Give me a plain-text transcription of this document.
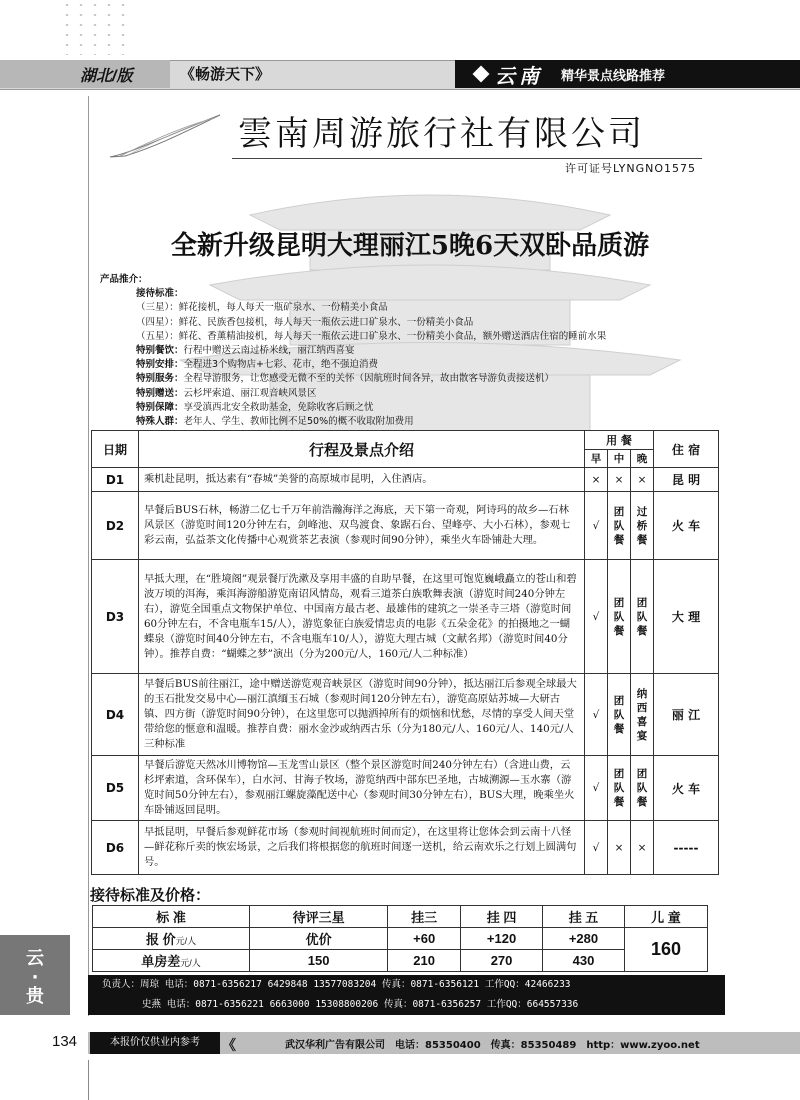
湖北/版	《畅游天下》	云南 精华景点线路推荐
雲南周游旅行社有限公司
许可证号LYNGNO1575
全新升级昆明大理丽江5晚6天双卧品质游
产品推介：
接待标准：
（三星）：鲜花接机，每人每天一瓶矿泉水、一份精美小食品
（四星）：鲜花、民族香包接机，每人每天一瓶依云进口矿泉水、一份精美小食品
（五星）：鲜花、香薰精油接机，每人每天一瓶依云进口矿泉水、一份精美小食品，额外赠送酒店住宿的睡前水果
特别餐饮：行程中赠送云南过桥米线，丽江纳西喜宴
特别安排：全程进3个购物店+七彩、花市，绝不强迫消费
特别服务：全程导游服务，让您感受无微不至的关怀（因航班时间各异，故由散客导游负责接送机）
特别赠送：云杉坪索道、丽江观音峡风景区
特别保障：享受滇西北安全救助基金，免除收客后顾之忧
特殊人群：老年人、学生、教师比例不足50%的概不收取附加费用
日期	行程及景点介绍	用 餐			住 宿
		早	中	晚	
D1	乘机赴昆明，抵达素有“春城”美誉的高原城市昆明，入住酒店。	×	×	×	昆 明
D2	早餐后BUS石林，畅游二亿七千万年前浩瀚海洋之海底，天下第一奇观，阿诗玛的故乡—石林风景区（游览时间120分钟左右，剑峰池、双鸟渡食、象踞石台、望峰亭、大小石林），参观七彩云南，弘益茶文化传播中心观赏茶艺表演（参观时间90分钟），乘坐火车卧铺赴大理。	√	团队餐	过桥餐	火 车
D3	早抵大理，在“胜境阁”观景餐厅洗漱及享用丰盛的自助早餐，在这里可饱览巍峨矗立的苍山和碧波万顷的洱海，乘洱海游船游览南诏风情岛，观看三道茶白族歌舞表演（游览时间240分钟左右），游览全国重点文物保护单位、中国南方最古老、最雄伟的建筑之一崇圣寺三塔（游览时间60分钟左右，不含电瓶车15/人），游览象征白族爱情忠贞的电影《五朵金花》的拍摄地之一蝴蝶泉（游览时间40分钟左右，不含电瓶车10/人），游览大理古城（文献名邦）（游览时间40分钟）。推荐自费：“蝴蝶之梦”演出（分为200元/人，160元/人二种标准）	√	团队餐	团队餐	大 理
D4	早餐后BUS前往丽江，途中赠送游览观音峡景区（游览时间90分钟），抵达丽江后参观全球最大的玉石批发交易中心—丽江滇缅玉石城（参观时间120分钟左右），游览高原姑苏城—大研古镇、四方街（游览时间90分钟），在这里您可以抛洒掉所有的烦恼和忧愁，尽情的享受人间天堂带给您的惬意和温暖。推荐自费：丽水金沙或纳西古乐（分为180元/人、160元/人、140元/人三种标准	√	团队餐	纳西喜宴	丽 江
D5	早餐后游览天然冰川博物馆—玉龙雪山景区（整个景区游览时间240分钟左右）（含进山费，云杉坪索道，含环保车），白水河、甘海子牧场，游览纳西中部东巴圣地，古城溯源—玉水寨（游览时间50分钟左右），参观丽江螺旋藻配送中心（参观时间30分钟左右），BUS大理，晚乘坐火车卧铺返回昆明。	√	团队餐	团队餐	火 车
D6	早抵昆明，早餐后参观鲜花市场（参观时间视航班时间而定），在这里将让您体会到云南十八怪—鲜花称斤卖的恢宏场景，之后我们将根据您的航班时间逐一送机，给云南欢乐之行划上圆满句号。	√	×	×	-----
接待标准及价格：
标 准	待评三星	挂三	挂 四	挂 五	儿 童
报 价元/人	优价	+60	+120	+280	160
单房差元/人	150	210	270	430	
云
·
贵
负责人：周琼 电话：0871-6356217 6429848 13577083204 传真：0871-6356121 工作QQ：42466233
史燕 电话：0871-6356221 6663000 15308800206 传真：0871-6356257 工作QQ：664557336
134	本报价仅供业内参考	《	武汉华利广告有限公司　电话：85350400　传真：85350489　http：www.zyoo.net
